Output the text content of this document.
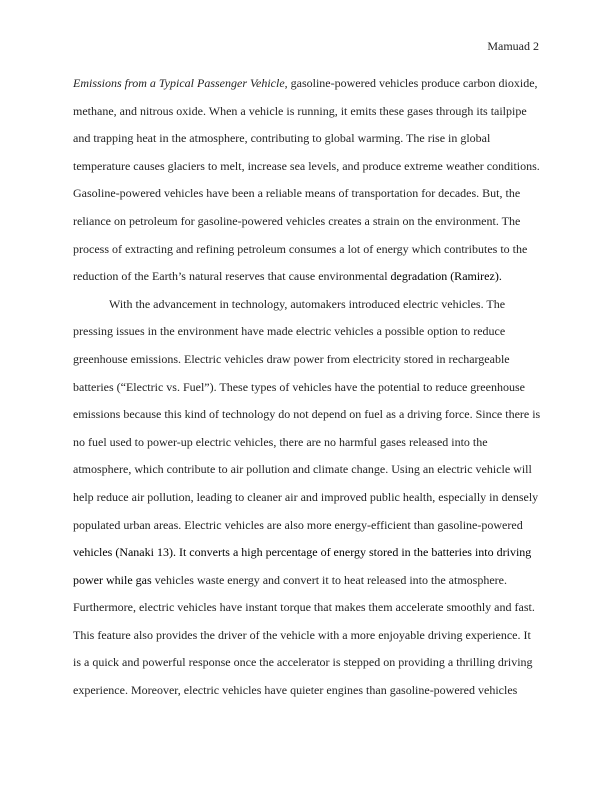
Mamuad 2
Emissions from a Typical Passenger Vehicle, gasoline-powered vehicles produce carbon dioxide,
methane, and nitrous oxide. When a vehicle is running, it emits these gases through its tailpipe
and trapping heat in the atmosphere, contributing to global warming. The rise in global
temperature causes glaciers to melt, increase sea levels, and produce extreme weather conditions.
Gasoline-powered vehicles have been a reliable means of transportation for decades. But, the
reliance on petroleum for gasoline-powered vehicles creates a strain on the environment. The
process of extracting and refining petroleum consumes a lot of energy which contributes to the
reduction of the Earth’s natural reserves that cause environmental degradation (Ramirez).
With the advancement in technology, automakers introduced electric vehicles. The
pressing issues in the environment have made electric vehicles a possible option to reduce
greenhouse emissions. Electric vehicles draw power from electricity stored in rechargeable
batteries (“Electric vs. Fuel”). These types of vehicles have the potential to reduce greenhouse
emissions because this kind of technology do not depend on fuel as a driving force. Since there is
no fuel used to power-up electric vehicles, there are no harmful gases released into the
atmosphere, which contribute to air pollution and climate change. Using an electric vehicle will
help reduce air pollution, leading to cleaner air and improved public health, especially in densely
populated urban areas. Electric vehicles are also more energy-efficient than gasoline-powered
vehicles (Nanaki 13). It converts a high percentage of energy stored in the batteries into driving
power while gas vehicles waste energy and convert it to heat released into the atmosphere.
Furthermore, electric vehicles have instant torque that makes them accelerate smoothly and fast.
This feature also provides the driver of the vehicle with a more enjoyable driving experience. It
is a quick and powerful response once the accelerator is stepped on providing a thrilling driving
experience. Moreover, electric vehicles have quieter engines than gasoline-powered vehicles
